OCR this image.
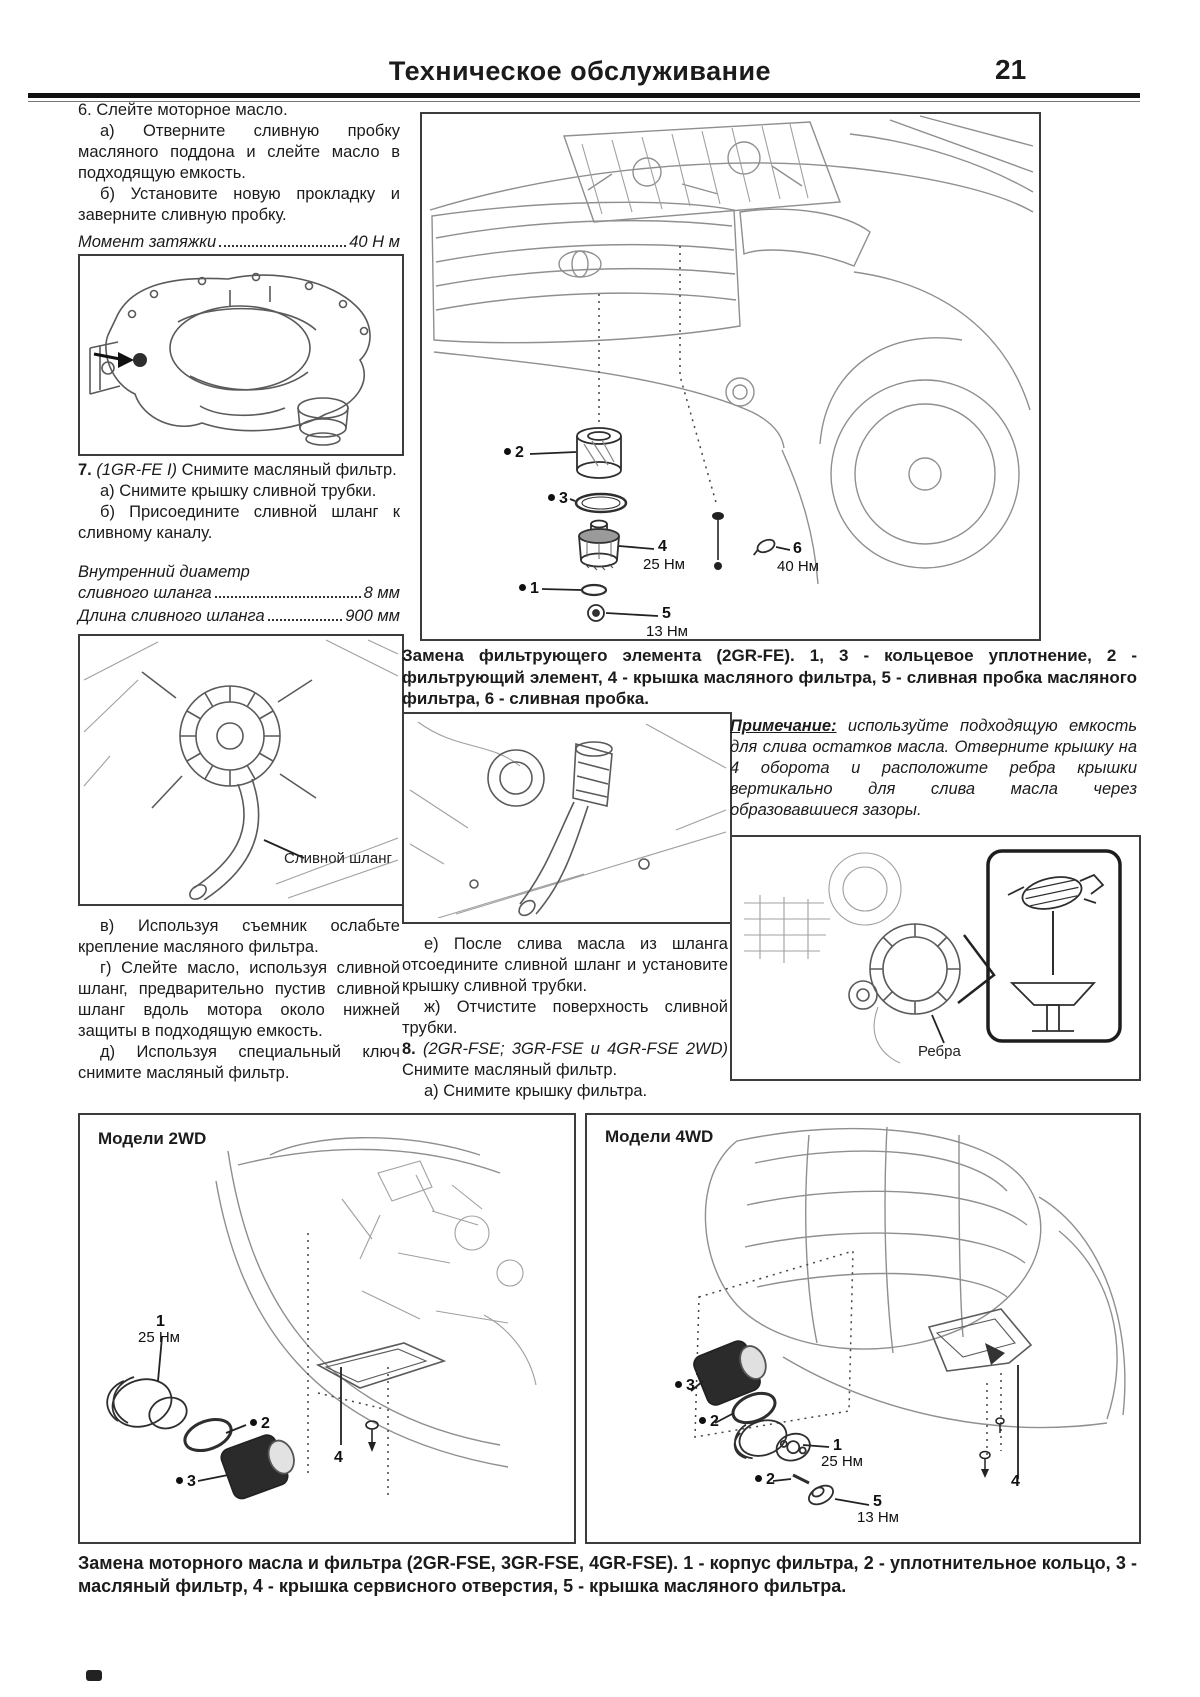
Техническое обслуживание	21

6. Слейте моторное масло.

а) Отверните сливную пробку масляного поддона и слейте масло в подходящую емкость.

б) Установите новую прокладку и заверните сливную пробку.

Момент затяжки	40 Н м

7. (1GR-FE I) Снимите масляный фильтр.

а) Снимите крышку сливной трубки.

б) Присоедините сливной шланг к сливному каналу.

Внутренний диаметр
сливного шланга	8 мм
Длина сливного шланга	900 мм
Сливной шланг

в) Используя съемник ослабьте крепление масляного фильтра.

г) Слейте масло, используя сливной шланг, предварительно пустив сливной шланг вдоль мотора около нижней защиты в подходящую емкость.

д) Используя специальный ключ снимите масляный фильтр.

2
3
1
4
25 Нм
5
13 Нм
6
40 Нм
Замена фильтрующего элемента (2GR-FE). 1, 3 - кольцевое уплотнение, 2 - фильтрующий элемент, 4 - крышка масляного фильтра, 5 - сливная пробка масляного фильтра, 6 - сливная пробка.

е) После слива масла из шланга отсоедините сливной шланг и установите крышку сливной трубки.

ж) Отчистите поверхность сливной трубки.

8. (2GR-FSE; 3GR-FSE и 4GR-FSE 2WD) Снимите масляный фильтр.

а) Снимите крышку фильтра.

Примечание: используйте подходящую емкость для слива остатков масла. Отверните крышку на 4 оборота и расположите ребра крышки вертикально для слива масла через образовавшиеся зазоры.

Ребра
Модели 2WD
1
25 Нм
2
3
4
Модели 4WD
3
2
1
25 Нм
2
5
13 Нм
4
Замена моторного масла и фильтра (2GR-FSE, 3GR-FSE, 4GR-FSE). 1 - корпус фильтра, 2 - уплотнительное кольцо, 3 - масляный фильтр, 4 - крышка сервисного отверстия, 5 - крышка масляного фильтра.
